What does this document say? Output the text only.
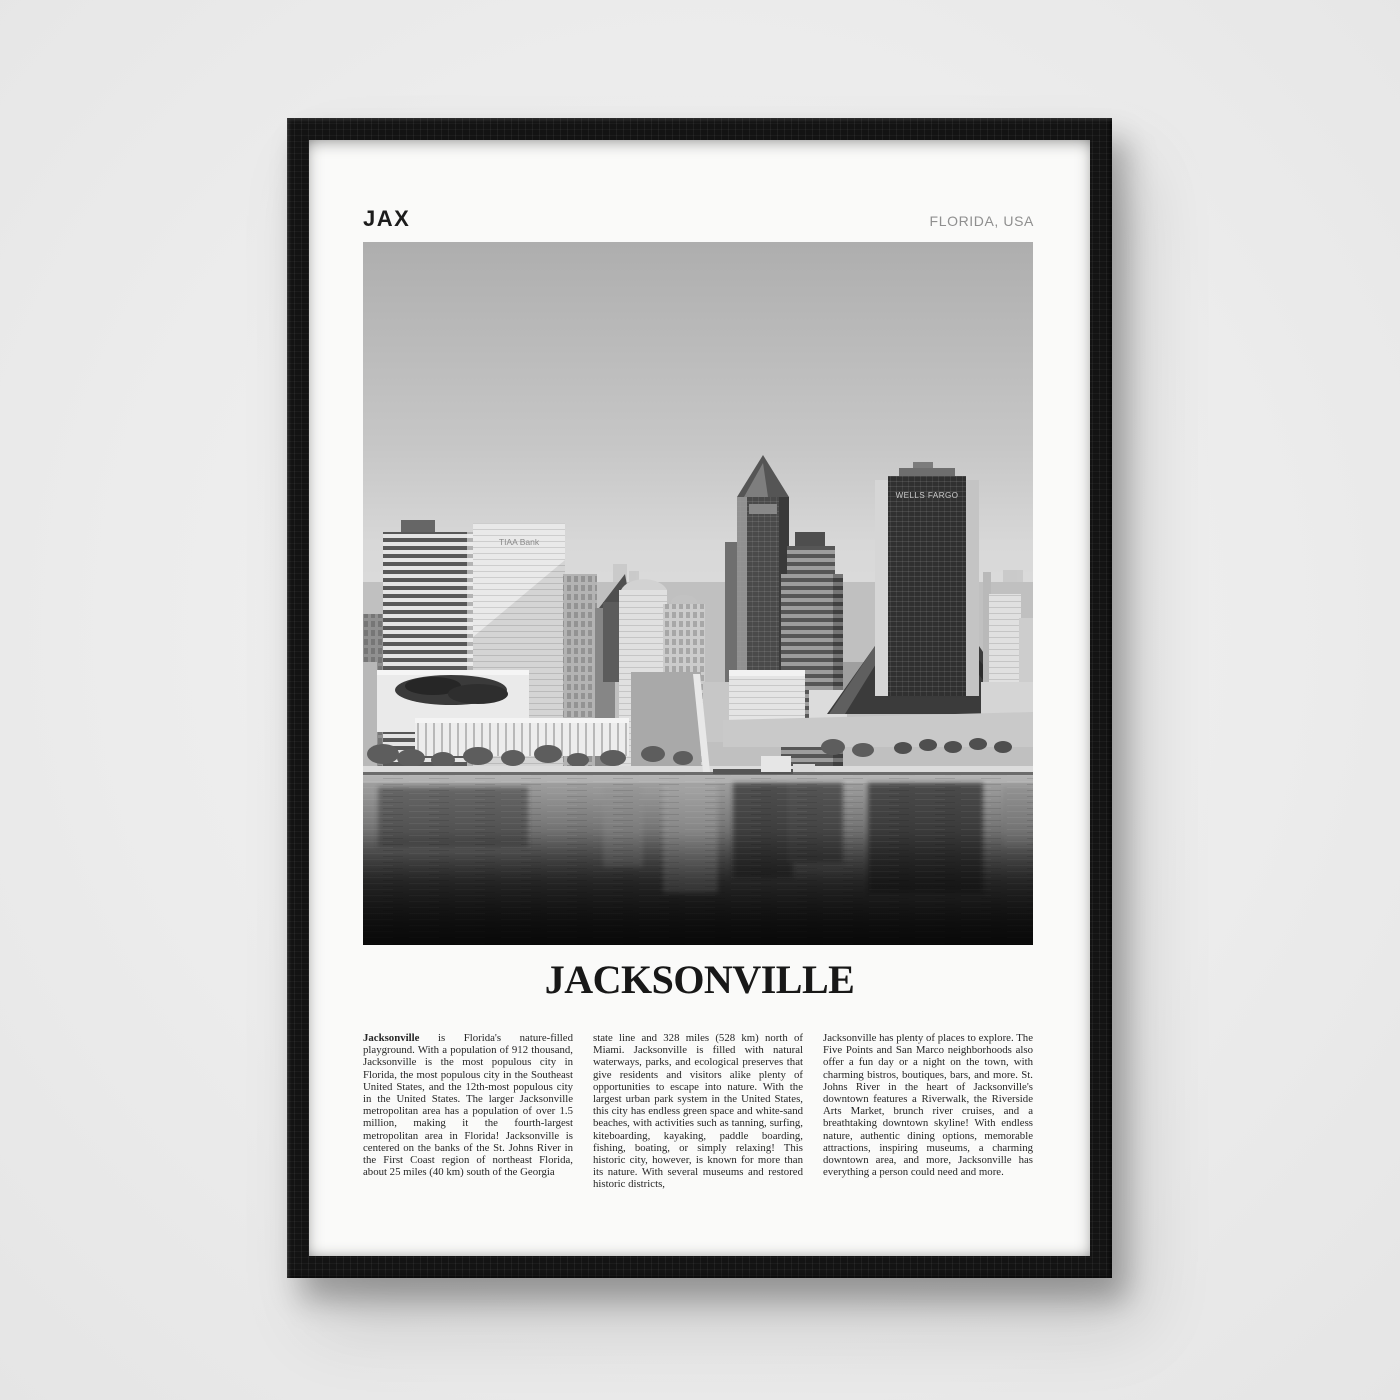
JAX	FLORIDA, USA
TIAA Bank
WELLS FARGO
JACKSONVILLE

Jacksonville is Florida's nature-filled playground. With a population of 912 thousand, Jacksonville is the most populous city in Florida, the most populous city in the Southeast United States, and the 12th-most populous city in the United States. The larger Jacksonville metropolitan area has a population of over 1.5 million, making it the fourth-largest metropolitan area in Florida! Jacksonville is centered on the banks of the St. Johns River in the First Coast region of northeast Florida, about 25 miles (40 km) south of the Georgia

state line and 328 miles (528 km) north of Miami. Jacksonville is filled with natural waterways, parks, and ecological preserves that give residents and visitors alike plenty of opportunities to escape into nature. With the largest urban park system in the United States, this city has endless green space and white-sand beaches, with activities such as tanning, surfing, kiteboarding, kayaking, paddle boarding, fishing, boating, or simply relaxing! This historic city, however, is known for more than its nature. With several museums and restored historic districts,

Jacksonville has plenty of places to explore. The Five Points and San Marco neighborhoods also offer a fun day or a night on the town, with charming bistros, boutiques, bars, and more. St. Johns River in the heart of Jacksonville's downtown features a Riverwalk, the Riverside Arts Market, brunch river cruises, and a breathtaking downtown skyline! With endless nature, authentic dining options, memorable attractions, inspiring museums, a charming downtown area, and more, Jacksonville has everything a person could need and more.
